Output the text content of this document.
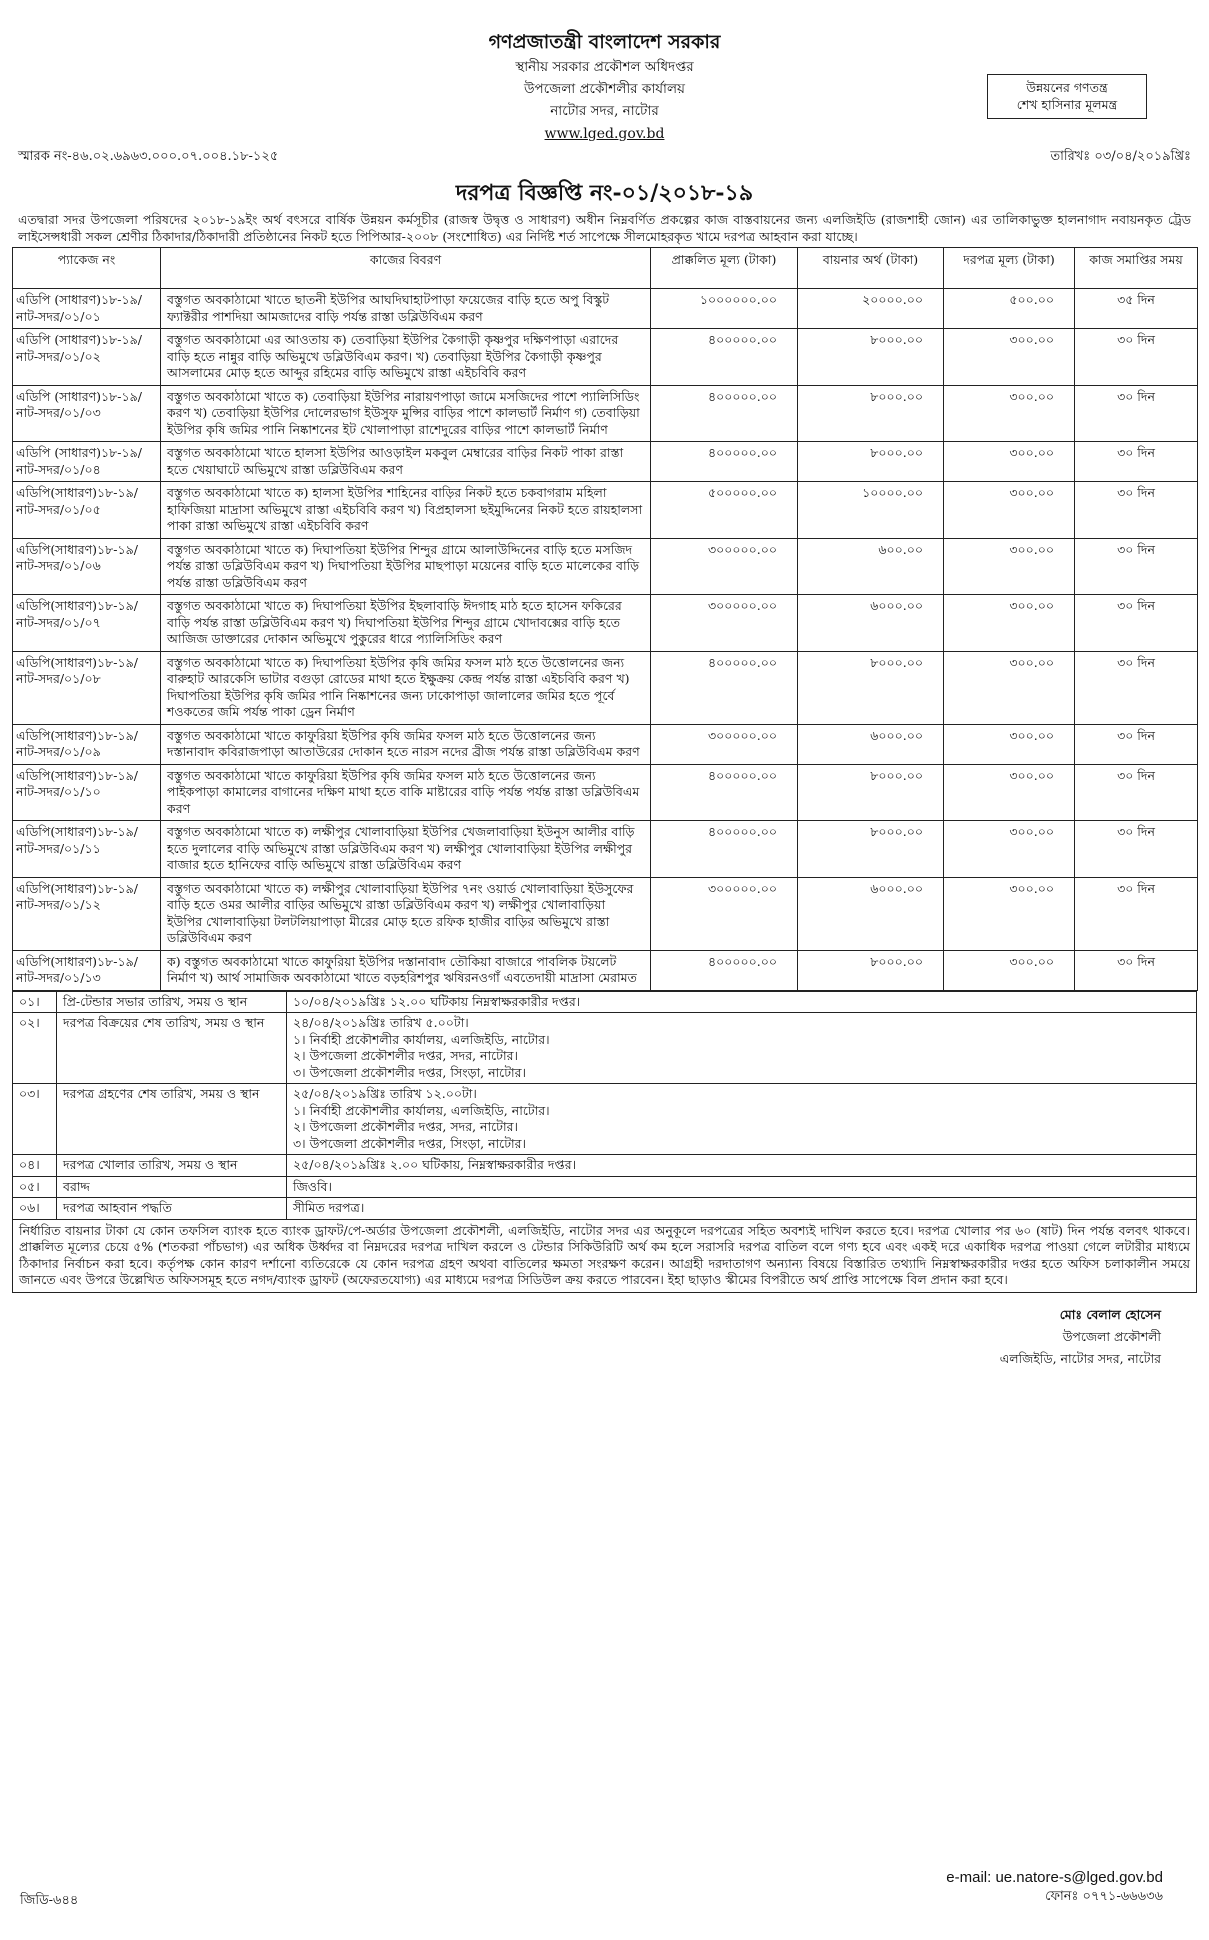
গণপ্রজাতন্ত্রী বাংলাদেশ সরকার
স্থানীয় সরকার প্রকৌশল অধিদপ্তর
উপজেলা প্রকৌশলীর কার্যালয়
নাটোর সদর, নাটোর
www.lged.gov.bd
উন্নয়নের গণতন্ত্র
শেখ হাসিনার মূলমন্ত্র
স্মারক নং-৪৬.০২.৬৯৬৩.০০০.০৭.০০৪.১৮-১২৫	তারিখঃ ০৩/০৪/২০১৯খ্রিঃ
দরপত্র বিজ্ঞপ্তি নং-০১/২০১৮-১৯
এতদ্বারা সদর উপজেলা পরিষদের ২০১৮-১৯ইং অর্থ বৎসরে বার্ষিক উন্নয়ন কর্মসূচীর (রাজস্ব উদ্বৃত্ত ও সাধারণ) অধীন নিম্নবর্ণিত প্রকল্পের কাজ বাস্তবায়নের জন্য এলজিইডি (রাজশাহী জোন) এর তালিকাভুক্ত হালনাগাদ নবায়নকৃত ট্রেড লাইসেন্সধারী সকল শ্রেণীর ঠিকাদার/ঠিকাদারী প্রতিষ্ঠানের নিকট হতে পিপিআর-২০০৮ (সংশোধিত) এর নির্দিষ্ট শর্ত সাপেক্ষে সীলমোহরকৃত খামে দরপত্র আহবান করা যাচ্ছে।
প্যাকেজ নং	কাজের বিবরণ	প্রাক্কলিত মূল্য (টাকা)	বায়নার অর্থ (টাকা)	দরপত্র মূল্য (টাকা)	কাজ সমাপ্তির সময়
এডিপি (সাধারণ)১৮-১৯/নাট-সদর/০১/০১	বস্তুগত অবকাঠামো খাতে ছাতনী ইউপির আঘদিঘাহাটপাড়া ফয়েজের বাড়ি হতে অপু বিস্কুট ফ্যাক্টরীর পাশদিয়া আমজাদের বাড়ি পর্যন্ত রাস্তা ডব্লিউবিএম করণ	১০০০০০০.০০	২০০০০.০০	৫০০.০০	৩৫ দিন
এডিপি (সাধারণ)১৮-১৯/নাট-সদর/০১/০২	বস্তুগত অবকাঠামো এর আওতায় ক) তেবাড়িয়া ইউপির কৈগাড়ী কৃষ্ণপুর দক্ষিণপাড়া এরাদের বাড়ি হতে নান্নুর বাড়ি অভিমুখে ডব্লিউবিএম করণ। খ) তেবাড়িয়া ইউপির কৈগাড়ী কৃষ্ণপুর আসলামের মোড় হতে আব্দুর রহিমের বাড়ি অভিমুখে রাস্তা এইচবিবি করণ	৪০০০০০.০০	৮০০০.০০	৩০০.০০	৩০ দিন
এডিপি (সাধারণ)১৮-১৯/নাট-সদর/০১/০৩	বস্তুগত অবকাঠামো খাতে ক) তেবাড়িয়া ইউপির নারায়ণপাড়া জামে মসজিদের পাশে প্যালিসিডিং করণ খ) তেবাড়িয়া ইউপির দোলেরভাগ ইউসুফ মুন্সির বাড়ির পাশে কালভার্ট নির্মাণ গ) তেবাড়িয়া ইউপির কৃষি জমির পানি নিষ্কাশনের ইট খোলাপাড়া রাশেদুরের বাড়ির পাশে কালভার্ট নির্মাণ	৪০০০০০.০০	৮০০০.০০	৩০০.০০	৩০ দিন
এডিপি (সাধারণ)১৮-১৯/নাট-সদর/০১/০৪	বস্তুগত অবকাঠামো খাতে হালসা ইউপির আওড়াইল মকবুল মেম্বারের বাড়ির নিকট পাকা রাস্তা হতে খেয়াঘাটে অভিমুখে রাস্তা ডব্লিউবিএম করণ	৪০০০০০.০০	৮০০০.০০	৩০০.০০	৩০ দিন
এডিপি(সাধারণ)১৮-১৯/নাট-সদর/০১/০৫	বস্তুগত অবকাঠামো খাতে ক) হালসা ইউপির শাহিনের বাড়ির নিকট হতে চকবাগরাম মহিলা হাফিজিয়া মাদ্রাসা অভিমুখে রাস্তা এইচবিবি করণ খ) বিপ্রহালসা ছইমুদ্দিনের নিকট হতে রায়হালসা পাকা রাস্তা অভিমুখে রাস্তা এইচবিবি করণ	৫০০০০০.০০	১০০০০.০০	৩০০.০০	৩০ দিন
এডিপি(সাধারণ)১৮-১৯/নাট-সদর/০১/০৬	বস্তুগত অবকাঠামো খাতে ক) দিঘাপতিয়া ইউপির শিন্দুর গ্রামে আলাউদ্দিনের বাড়ি হতে মসজিদ পর্যন্ত রাস্তা ডব্লিউবিএম করণ খ) দিঘাপতিয়া ইউপির মাছপাড়া ময়েনের বাড়ি হতে মালেকের বাড়ি পর্যন্ত রাস্তা ডব্লিউবিএম করণ	৩০০০০০.০০	৬০০.০০	৩০০.০০	৩০ দিন
এডিপি(সাধারণ)১৮-১৯/নাট-সদর/০১/০৭	বস্তুগত অবকাঠামো খাতে ক) দিঘাপতিয়া ইউপির ইছলাবাড়ি ঈদগাহ মাঠ হতে হাসেন ফকিরের বাড়ি পর্যন্ত রাস্তা ডব্লিউবিএম করণ খ) দিঘাপতিয়া ইউপির শিন্দুর গ্রামে খোদাবক্সের বাড়ি হতে আজিজ ডাক্তারের দোকান অভিমুখে পুকুরের ধারে প্যালিসিডিং করণ	৩০০০০০.০০	৬০০০.০০	৩০০.০০	৩০ দিন
এডিপি(সাধারণ)১৮-১৯/নাট-সদর/০১/০৮	বস্তুগত অবকাঠামো খাতে ক) দিঘাপতিয়া ইউপির কৃষি জমির ফসল মাঠ হতে উত্তোলনের জন্য বারুহাট আরকেসি ভাটার বগুড়া রোডের মাথা হতে ইক্ষুক্রয় কেন্দ্র পর্যন্ত রাস্তা এইচবিবি করণ খ) দিঘাপতিয়া ইউপির কৃষি জমির পানি নিষ্কাশনের জন্য ঢাকোপাড়া জালালের জমির হতে পূর্বে শওকতের জমি পর্যন্ত পাকা ড্রেন নির্মাণ	৪০০০০০.০০	৮০০০.০০	৩০০.০০	৩০ দিন
এডিপি(সাধারণ)১৮-১৯/নাট-সদর/০১/০৯	বস্তুগত অবকাঠামো খাতে কাফুরিয়া ইউপির কৃষি জমির ফসল মাঠ হতে উত্তোলনের জন্য দস্তানাবাদ কবিরাজপাড়া আতাউরের দোকান হতে নারস নদের ব্রীজ পর্যন্ত রাস্তা ডব্লিউবিএম করণ	৩০০০০০.০০	৬০০০.০০	৩০০.০০	৩০ দিন
এডিপি(সাধারণ)১৮-১৯/নাট-সদর/০১/১০	বস্তুগত অবকাঠামো খাতে কাফুরিয়া ইউপির কৃষি জমির ফসল মাঠ হতে উত্তোলনের জন্য পাইকপাড়া কামালের বাগানের দক্ষিণ মাথা হতে বাকি মাষ্টারের বাড়ি পর্যন্ত পর্যন্ত রাস্তা ডব্লিউবিএম করণ	৪০০০০০.০০	৮০০০.০০	৩০০.০০	৩০ দিন
এডিপি(সাধারণ)১৮-১৯/নাট-সদর/০১/১১	বস্তুগত অবকাঠামো খাতে ক) লক্ষীপুর খোলাবাড়িয়া ইউপির খেজলাবাড়িয়া ইউনুস আলীর বাড়ি হতে দুলালের বাড়ি অভিমুখে রাস্তা ডব্লিউবিএম করণ খ) লক্ষীপুর খোলাবাড়িয়া ইউপির লক্ষীপুর বাজার হতে হানিফের বাড়ি অভিমুখে রাস্তা ডব্লিউবিএম করণ	৪০০০০০.০০	৮০০০.০০	৩০০.০০	৩০ দিন
এডিপি(সাধারণ)১৮-১৯/নাট-সদর/০১/১২	বস্তুগত অবকাঠামো খাতে ক) লক্ষীপুর খোলাবাড়িয়া ইউপির ৭নং ওয়ার্ড খোলাবাড়িয়া ইউসুফের বাড়ি হতে ওমর আলীর বাড়ির অভিমুখে রাস্তা ডব্লিউবিএম করণ খ) লক্ষীপুর খোলাবাড়িয়া ইউপির খোলাবাড়িয়া টলটলিয়াপাড়া মীরের মোড় হতে রফিক হাজীর বাড়ির অভিমুখে রাস্তা ডব্লিউবিএম করণ	৩০০০০০.০০	৬০০০.০০	৩০০.০০	৩০ দিন
এডিপি(সাধারণ)১৮-১৯/নাট-সদর/০১/১৩	ক) বস্তুগত অবকাঠামো খাতে কাফুরিয়া ইউপির দস্তানাবাদ তৌকিয়া বাজারে পাবলিক টয়লেট নির্মাণ খ) আর্থ সামাজিক অবকাঠামো খাতে বড়হরিশপুর ঋষিরনওগাঁ এবতেদায়ী মাদ্রাসা মেরামত	৪০০০০০.০০	৮০০০.০০	৩০০.০০	৩০ দিন
০১।	প্রি-টেন্ডার সভার তারিখ, সময় ও স্থান	১০/০৪/২০১৯খ্রিঃ ১২.০০ ঘটিকায় নিম্নস্বাক্ষরকারীর দপ্তর।

০২।	দরপত্র বিক্রয়ের শেষ তারিখ, সময় ও স্থান	২৪/০৪/২০১৯খ্রিঃ তারিখ ৫.০০টা।
১। নির্বাহী প্রকৌশলীর কার্যালয়, এলজিইডি, নাটোর।
২। উপজেলা প্রকৌশলীর দপ্তর, সদর, নাটোর।
৩। উপজেলা প্রকৌশলীর দপ্তর, সিংড়া, নাটোর।

০৩।	দরপত্র গ্রহণের শেষ তারিখ, সময় ও স্থান	২৫/০৪/২০১৯খ্রিঃ তারিখ ১২.০০টা।
১। নির্বাহী প্রকৌশলীর কার্যালয়, এলজিইডি, নাটোর।
২। উপজেলা প্রকৌশলীর দপ্তর, সদর, নাটোর।
৩। উপজেলা প্রকৌশলীর দপ্তর, সিংড়া, নাটোর।

০৪।	দরপত্র খোলার তারিখ, সময় ও স্থান	২৫/০৪/২০১৯খ্রিঃ ২.০০ ঘটিকায়, নিম্নস্বাক্ষরকারীর দপ্তর।

০৫।	বরাদ্দ	জিওবি।

০৬।	দরপত্র আহবান পদ্ধতি	সীমিত দরপত্র।
নির্ধারিত বায়নার টাকা যে কোন তফসিল ব্যাংক হতে ব্যাংক ড্রাফট/পে-অর্ডার উপজেলা প্রকৌশলী, এলজিইডি, নাটোর সদর এর অনুকূলে দরপত্রের সহিত অবশ্যই দাখিল করতে হবে। দরপত্র খোলার পর ৬০ (ষাট) দিন পর্যন্ত বলবৎ থাকবে। প্রাক্কলিত মূল্যের চেয়ে ৫% (শতকরা পাঁচভাগ) এর অধিক উর্ধ্বদর বা নিম্নদরের দরপত্র দাখিল করলে ও টেন্ডার সিকিউরিটি অর্থ কম হলে সরাসরি দরপত্র বাতিল বলে গণ্য হবে এবং একই দরে একাধিক দরপত্র পাওয়া গেলে লটারীর মাধ্যমে ঠিকাদার নির্বাচন করা হবে। কর্তৃপক্ষ কোন কারণ দর্শানো ব্যতিরেকে যে কোন দরপত্র গ্রহণ অথবা বাতিলের ক্ষমতা সংরক্ষণ করেন। আগ্রহী দরদাতাগণ অন্যান্য বিষয়ে বিস্তারিত তথ্যাদি নিম্নস্বাক্ষরকারীর দপ্তর হতে অফিস চলাকালীন সময়ে জানতে এবং উপরে উল্লেখিত অফিসসমূহ হতে নগদ/ব্যাংক ড্রাফট (অফেরতযোগ্য) এর মাধ্যমে দরপত্র সিডিউল ক্রয় করতে পারবেন। ইহা ছাড়াও স্কীমের বিপরীতে অর্থ প্রাপ্তি সাপেক্ষে বিল প্রদান করা হবে।
মোঃ বেলাল হোসেন
উপজেলা প্রকৌশলী
এলজিইডি, নাটোর সদর, নাটোর
e-mail: ue.natore-s@lged.gov.bd
ফোনঃ ০৭৭১-৬৬৬৩৬
জিডি-৬৪৪
